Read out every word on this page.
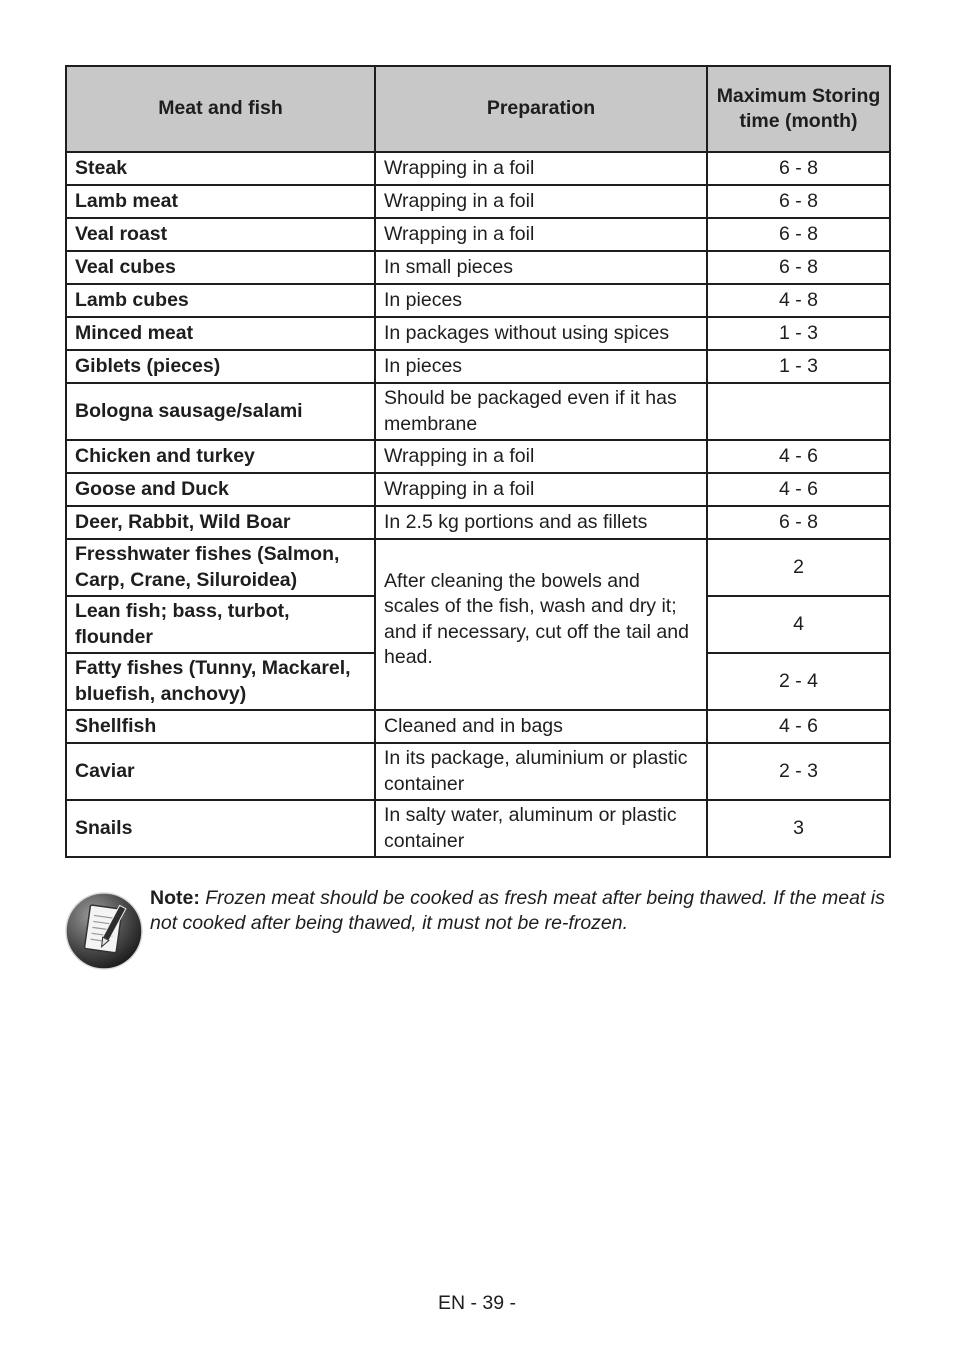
Meat and fish	Preparation	Maximum Storing time (month)
Steak	Wrapping in a foil	6 - 8
Lamb meat	Wrapping in a foil	6 - 8
Veal roast	Wrapping in a foil	6 - 8
Veal cubes	In small pieces	6 - 8
Lamb cubes	In pieces	4 - 8
Minced meat	In packages without using spices	1 - 3
Giblets (pieces)	In pieces	1 - 3
Bologna sausage/salami	Should be packaged even if it has membrane	
Chicken and turkey	Wrapping in a foil	4 - 6
Goose and Duck	Wrapping in a foil	4 - 6
Deer, Rabbit, Wild Boar	In 2.5 kg portions and as fillets	6 - 8
Fresshwater fishes (Salmon, Carp, Crane, Siluroidea)	After cleaning the bowels and scales of the fish, wash and dry it; and if necessary, cut off the tail and head.	2
Lean fish; bass, turbot, flounder		4
Fatty fishes (Tunny, Mackarel, bluefish, anchovy)		2 - 4
Shellfish	Cleaned and in bags	4 - 6
Caviar	In its package, aluminium or plastic container	2 - 3
Snails	In salty water, aluminum or plastic container	3
Note: Frozen meat should be cooked as fresh meat after being thawed. If the meat is not cooked after being thawed, it must not be re-frozen.
EN - 39 -
